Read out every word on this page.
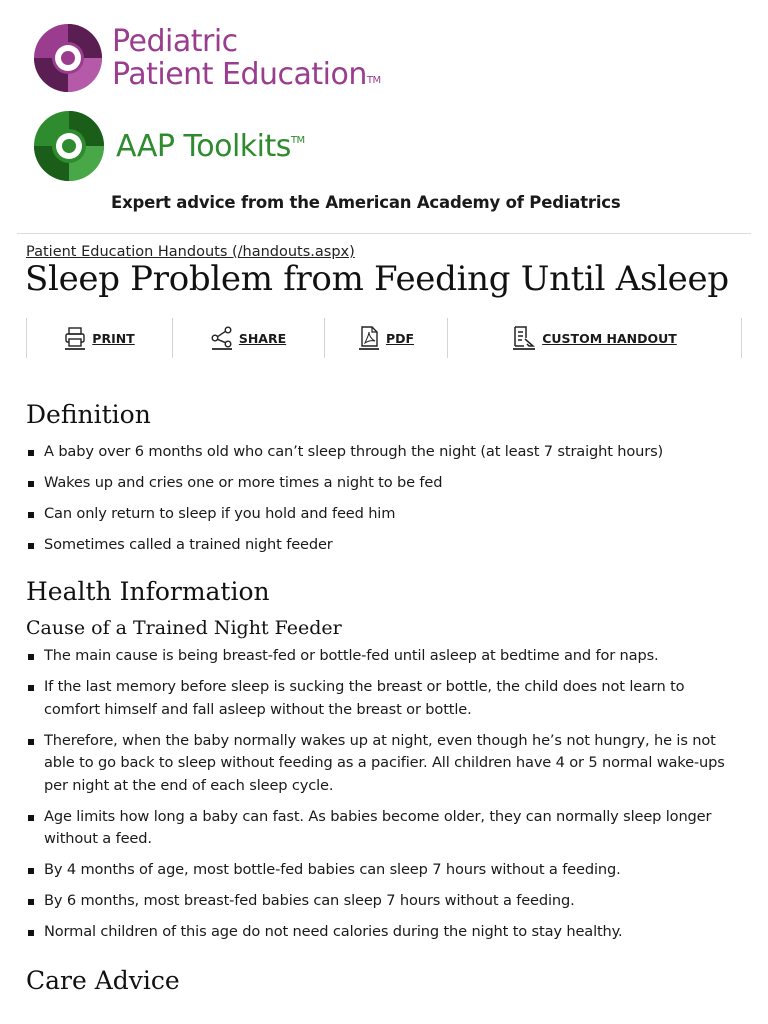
Pediatric
Patient Education™
AAP Toolkits™
Expert advice from the American Academy of Pediatrics
Patient Education Handouts (/handouts.aspx)
Sleep Problem from Feeding Until Asleep
PRINT	SHARE	PDF	CUSTOM HANDOUT
Definition
A baby over 6 months old who can’t sleep through the night (at least 7 straight hours)
Wakes up and cries one or more times a night to be fed
Can only return to sleep if you hold and feed him
Sometimes called a trained night feeder
Health Information
Cause of a Trained Night Feeder
The main cause is being breast-fed or bottle-fed until asleep at bedtime and for naps.
If the last memory before sleep is sucking the breast or bottle, the child does not learn to comfort himself and fall asleep without the breast or bottle.
Therefore, when the baby normally wakes up at night, even though he’s not hungry, he is not able to go back to sleep without feeding as a pacifier. All children have 4 or 5 normal wake-ups per night at the end of each sleep cycle.
Age limits how long a baby can fast. As babies become older, they can normally sleep longer without a feed.
By 4 months of age, most bottle-fed babies can sleep 7 hours without a feeding.
By 6 months, most breast-fed babies can sleep 7 hours without a feeding.
Normal children of this age do not need calories during the night to stay healthy.
Care Advice
